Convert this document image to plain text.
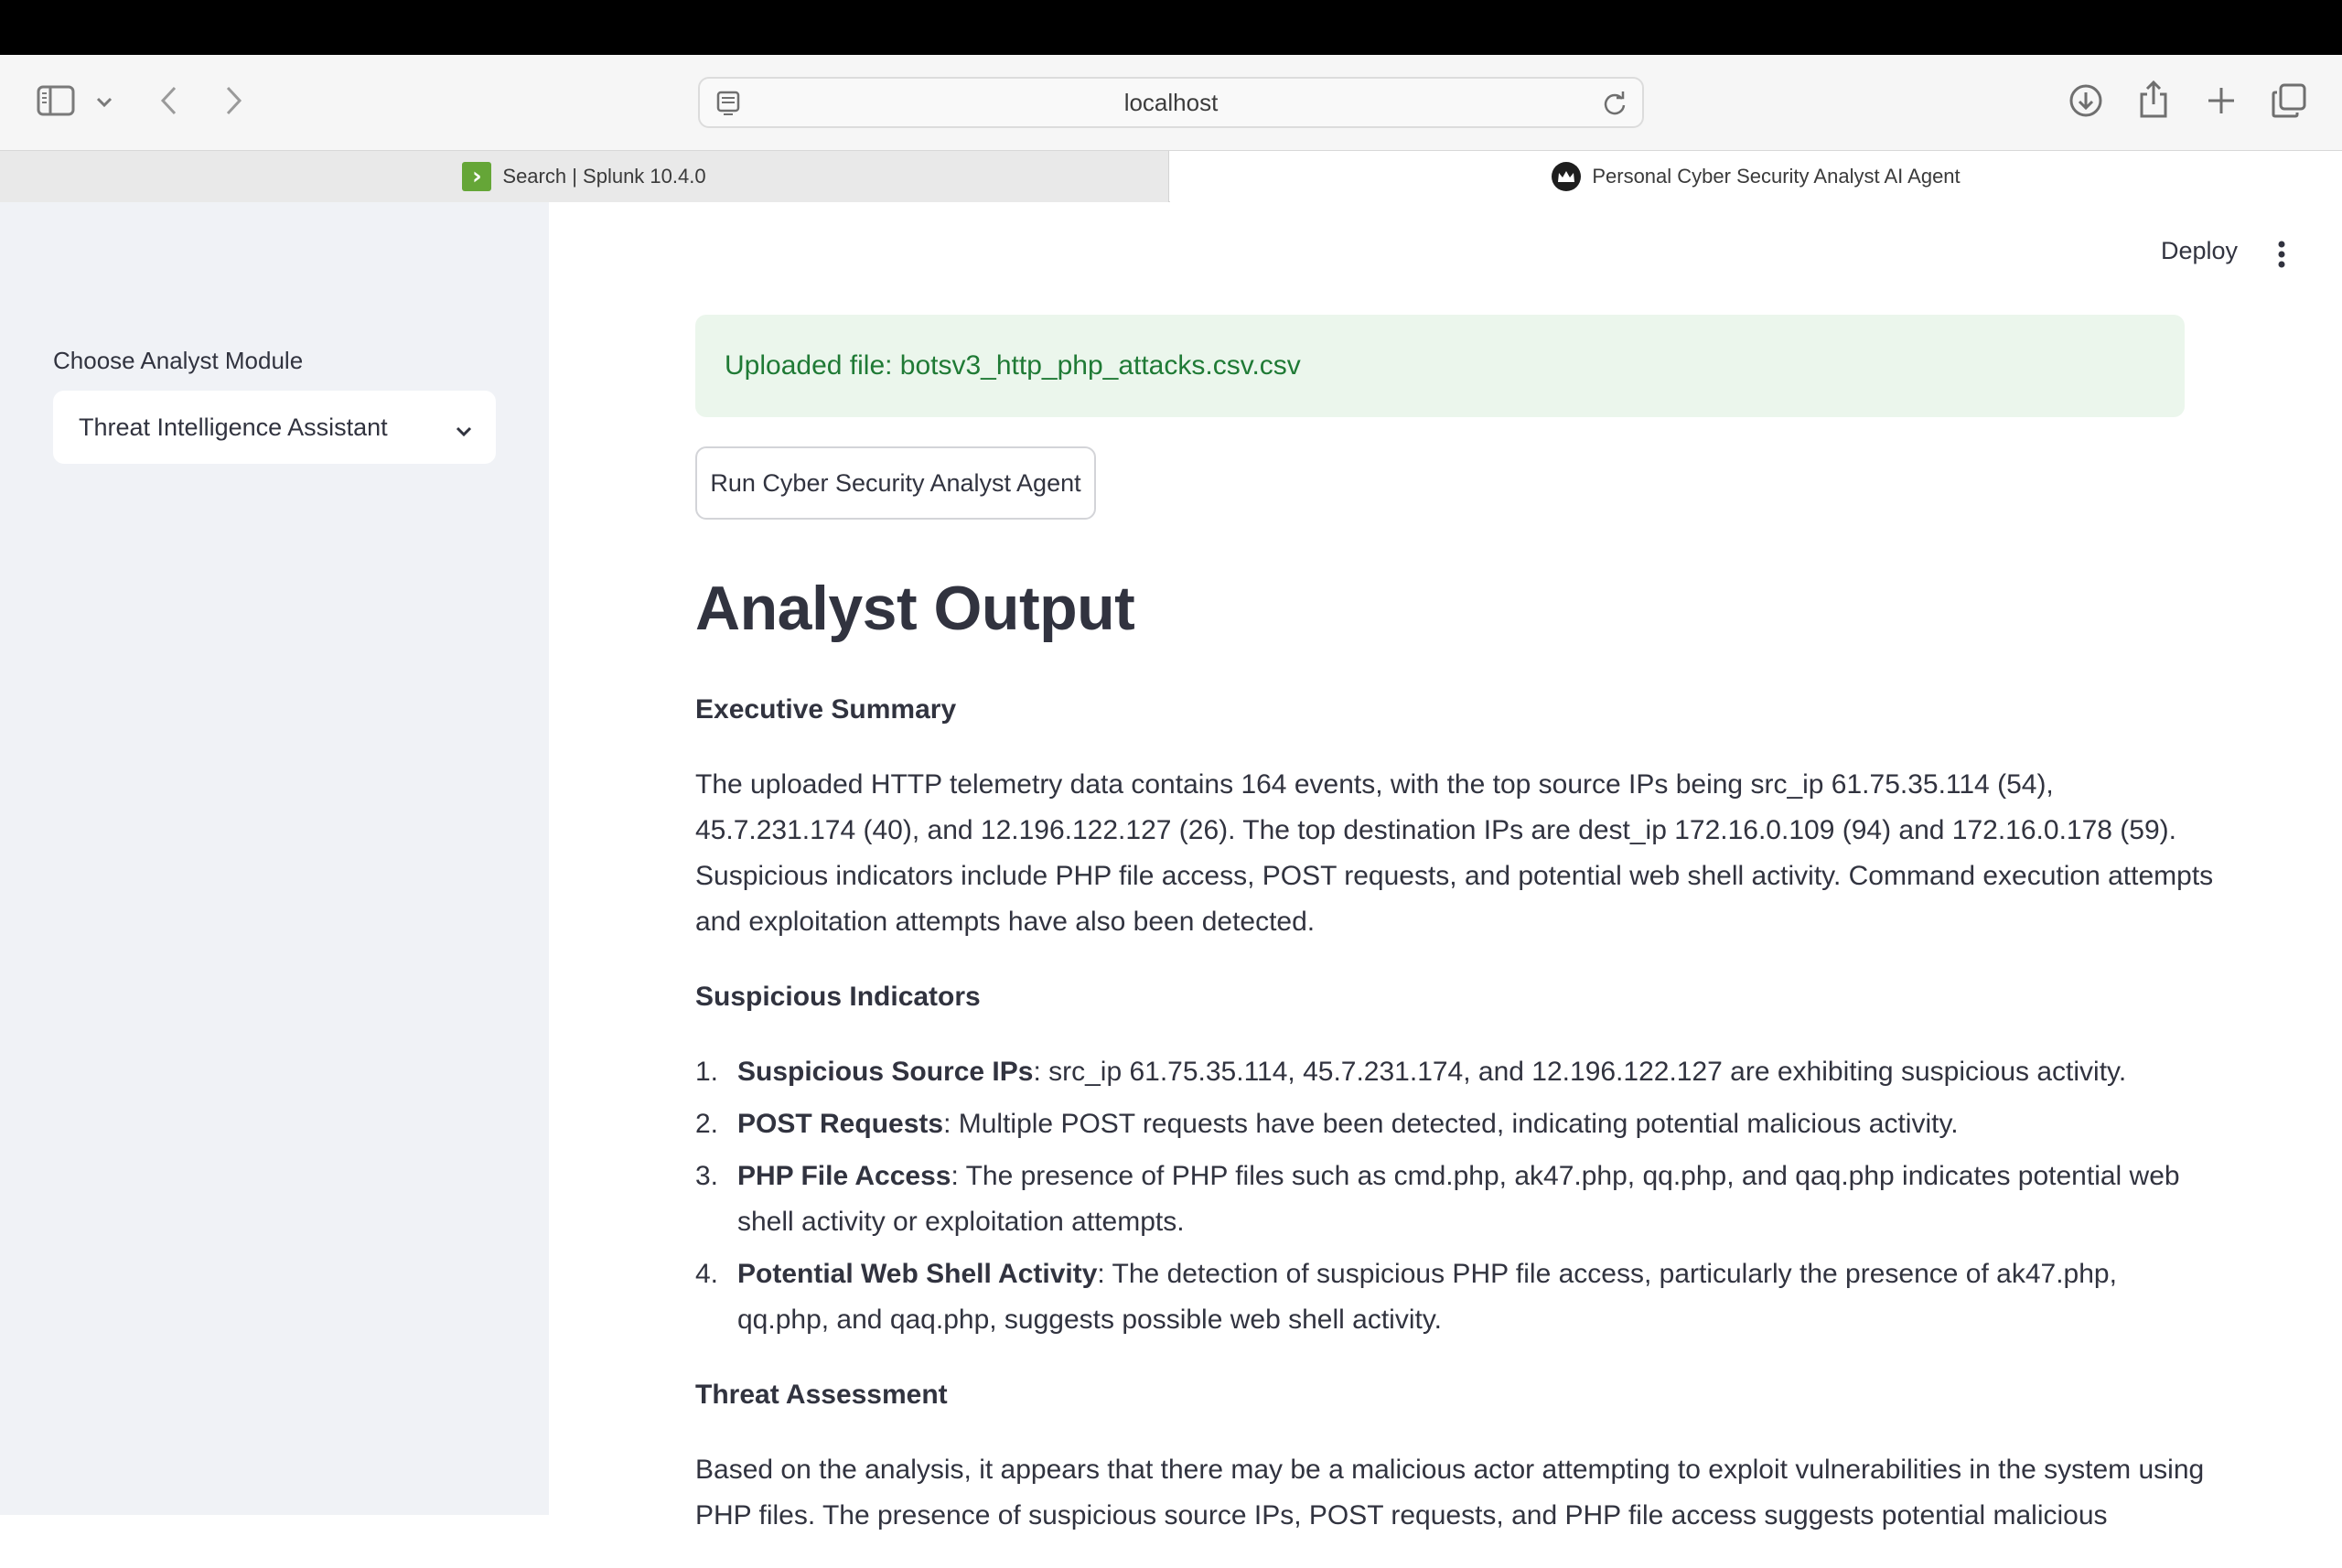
localhost
›	Search | Splunk 10.4.0	Personal Cyber Security Analyst AI Agent
Choose Analyst Module
Threat Intelligence Assistant
Deploy
Uploaded file: botsv3_http_php_attacks.csv.csv
Run Cyber Security Analyst Agent
Analyst Output
Executive Summary
The uploaded HTTP telemetry data contains 164 events, with the top source IPs being src_ip 61.75.35.114 (54), 45.7.231.174 (40), and 12.196.122.127 (26). The top destination IPs are dest_ip 172.16.0.109 (94) and 172.16.0.178 (59). Suspicious indicators include PHP file access, POST requests, and potential web shell activity. Command execution attempts and exploitation attempts have also been detected.
Suspicious Indicators
1. Suspicious Source IPs: src_ip 61.75.35.114, 45.7.231.174, and 12.196.122.127 are exhibiting suspicious activity.
2. POST Requests: Multiple POST requests have been detected, indicating potential malicious activity.
3. PHP File Access: The presence of PHP files such as cmd.php, ak47.php, qq.php, and qaq.php indicates potential web shell activity or exploitation attempts.
4. Potential Web Shell Activity: The detection of suspicious PHP file access, particularly the presence of ak47.php, qq.php, and qaq.php, suggests possible web shell activity.
Threat Assessment
Based on the analysis, it appears that there may be a malicious actor attempting to exploit vulnerabilities in the system using PHP files. The presence of suspicious source IPs, POST requests, and PHP file access suggests potential malicious
